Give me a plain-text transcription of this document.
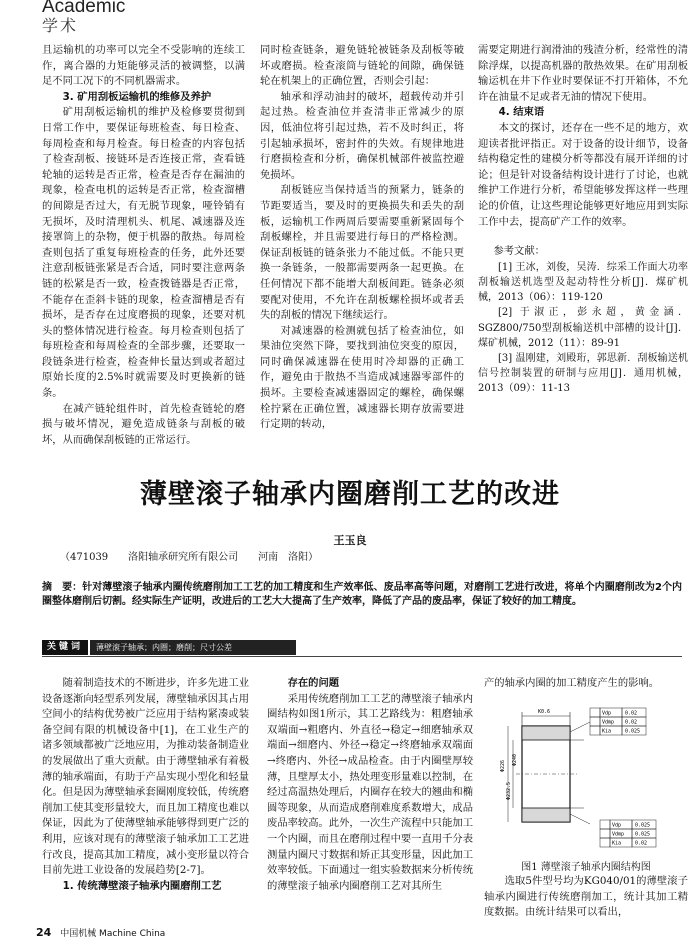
Academic
学术

且运输机的功率可以完全不受影响的连续工作，离合器的力矩能够灵活的被调整，以满足不同工况下的不同机器需求。

3. 矿用刮板运输机的维修及养护

矿用刮板运输机的维护及检修要贯彻到日常工作中，要保证每班检查、每日检查、每周检查和每月检查。每日检查的内容包括了检查刮板、接链环是否连接正常，查看链轮轴的运转是否正常，检查是否存在漏油的现象，检查电机的运转是否正常，检查溜槽的间隙是否过大，有无脱节现象，哑铃销有无损坏，及时清理机头、机尾、减速器及连接罩筒上的杂物，便于机器的散热。每周检查则包括了重复每班检查的任务，此外还要注意刮板链张紧是否合适，同时要注意两条链的松紧是否一致，检查拨链器是否正常，不能存在歪斜卡链的现象，检查溜槽是否有损坏，是否存在过度磨损的现象，还要对机头的整体情况进行检查。每月检查则包括了每班检查和每周检查的全部步骤，还要取一段链条进行检查，检查伸长量达到或者超过原始长度的2.5%时就需要及时更换新的链条。

在减产链轮组件时，首先检查链轮的磨损与破坏情况，避免造成链条与刮板的破坏，从而确保刮板链的正常运行。

同时检查链条，避免链轮被链条及刮板等破坏或磨损。检查滚筒与链轮的间隙，确保链轮在机架上的正确位置，否则会引起：

轴承和浮动油封的破坏，超载传动并引起过热。检查油位并查清非正常减少的原因，低油位将引起过热，若不及时纠正，将引起轴承损坏，密封件的失效。有规律地进行磨损检查和分析，确保机械部件被监控避免损坏。

刮板链应当保持适当的预紧力，链条的节距要适当，要及时的更换损失和丢失的刮板，运输机工作两周后要需要重新紧固每个刮板螺栓，并且需要进行每日的严格检测。保证刮板链的链条张力不能过低。不能只更换一条链条，一般都需要两条一起更换。在任何情况下都不能增大刮板间距。链条必须要配对使用，不允许在刮板螺栓损坏或者丢失的刮板的情况下继续运行。

对减速器的检测就包括了检查油位，如果油位突然下降，要找到油位突变的原因，同时确保减速器在使用时冷却器的正确工作，避免由于散热不当造成减速器零部件的损坏。主要检查减速器固定的螺栓，确保螺栓拧紧在正确位置，减速器长期存放需要进行定期的转动，

需要定期进行润滑油的残渣分析，经常性的清除浮煤，以提高机器的散热效果。在矿用刮板输运机在井下作业时要保证不打开箱体，不允许在油量不足或者无油的情况下使用。

4. 结束语

本文的探讨，还存在一些不足的地方，欢迎读者批评指正。对于设备的设计细节，设备结构稳定性的建模分析等都没有展开详细的讨论；但是针对设备结构设计进行了讨论，也就维护工作进行分析，希望能够发挥这样一些理论的价值，让这些理论能够更好地应用到实际工作中去，提高矿产工作的效率。

参考文献：

[1] 王冰，刘俊，吴涛．综采工作面大功率刮板输送机选型及起动特性分析[J]．煤矿机械，2013（06）：119-120

[2] 于淑正，彭永超，黄金涵．SGZ800/750型刮板输送机中部槽的设计[J]．煤矿机械，2012（11）：89-91

[3] 温刚建，刘殿珩，郭思新．刮板输送机信号控制装置的研制与应用[J]．通用机械，2013（09）：11-13

薄壁滚子轴承内圈磨削工艺的改进
王玉良
（471039　　洛阳轴承研究所有限公司　　河南　洛阳）
摘　要：针对薄壁滚子轴承内圈传统磨削加工工艺的加工精度和生产效率低、废品率高等问题，对磨削工艺进行改进，将单个内圈磨削改为2个内圈整体磨削后切割。经实际生产证明，改进后的工艺大大提高了生产效率，降低了产品的废品率，保证了较好的加工精度。
关键词	薄壁滚子轴承；内圈；磨削；尺寸公差

随着制造技术的不断进步，许多先进工业设备逐渐向轻型系列发展，薄壁轴承因其占用空间小的结构优势被广泛应用于结构紧凑或装备空间有限的机械设备中[1]，在工业生产的诸多领域都被广泛地应用，为推动装备制造业的发展做出了重大贡献。由于薄壁轴承有着极薄的轴承端面，有助于产品实现小型化和轻量化。但是因为薄壁轴承套圈刚度较低，传统磨削加工使其变形量较大，而且加工精度也难以保证，因此为了使薄壁轴承能够得到更广泛的利用，应该对现有的薄壁滚子轴承加工工艺进行改良，提高其加工精度，减小变形量以符合目前先进工业设备的发展趋势[2-7]。

1. 传统薄壁滚子轴承内圈磨削工艺

存在的问题

采用传统磨削加工工艺的薄壁滚子轴承内圈结构如图1所示，其工艺路线为：粗磨轴承双端面→粗磨内、外直径→稳定→细磨轴承双端面→细磨内、外径→稳定→终磨轴承双端面→终磨内、外径→成品检查。由于内圈壁厚较薄，且壁厚太小，热处理变形量难以控制，在经过高温热处理后，内圈存在较大的翘曲和椭圆等现象，从而造成磨削难度系数增大，成品废品率较高。此外，一次生产流程中只能加工一个内圈，而且在磨削过程中要一直用千分表测量内圈尺寸数据和矫正其变形量，因此加工效率较低。下面通过一组实验数据来分析传统的薄壁滚子轴承内圈磨削工艺对其所生

产的轴承内圈的加工精度产生的影响。

K0.6
Φ226
Φ232.5
Φ240
Vdp	0.02
Vdmp 0.02
Kia	0.025
Vdp	0.025
Vdmp 0.025
Kia	0.02
图1 薄壁滚子轴承内圈结构图

选取5件型号均为KG040/01的薄壁滚子轴承内圈进行传统磨削加工，统计其加工精度数据。由统计结果可以看出，

24 中国机械 Machine China
